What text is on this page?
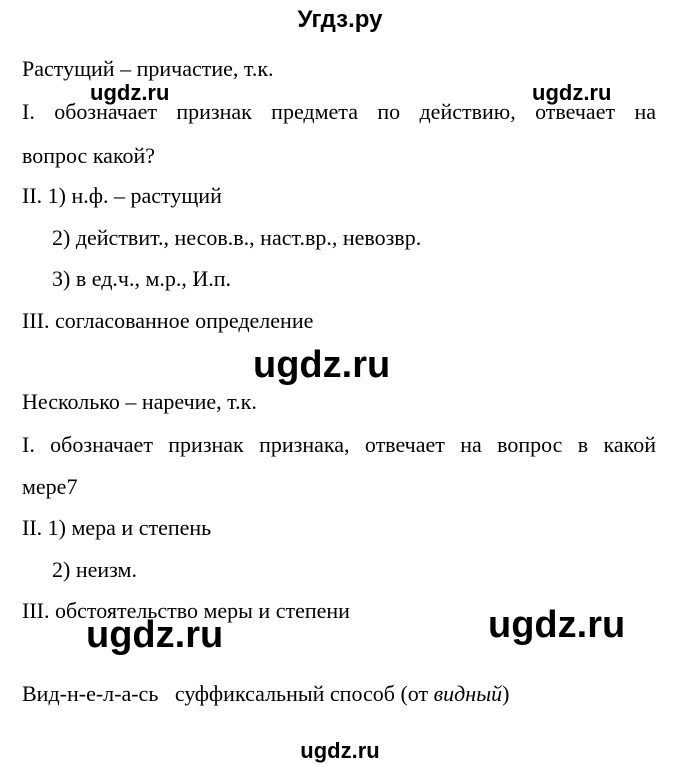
Угдз.ру
Растущий – причастие, т.к.
ugdz.ru	ugdz.ru
I. обозначает признак предмета по действию, отвечает на
вопрос какой?
II. 1) н.ф. – растущий
2) действит., несов.в., наст.вр., невозвр.
3) в ед.ч., м.р., И.п.
III. согласованное определение
ugdz.ru
Несколько – наречие, т.к.
I. обозначает признак признака, отвечает на вопрос в какой
мере7
II. 1) мера и степень
2) неизм.
III. обстоятельство меры и степени
ugdz.ru	ugdz.ru
Вид-н-е-л-а-сь суффиксальный способ (от видный)
ugdz.ru
